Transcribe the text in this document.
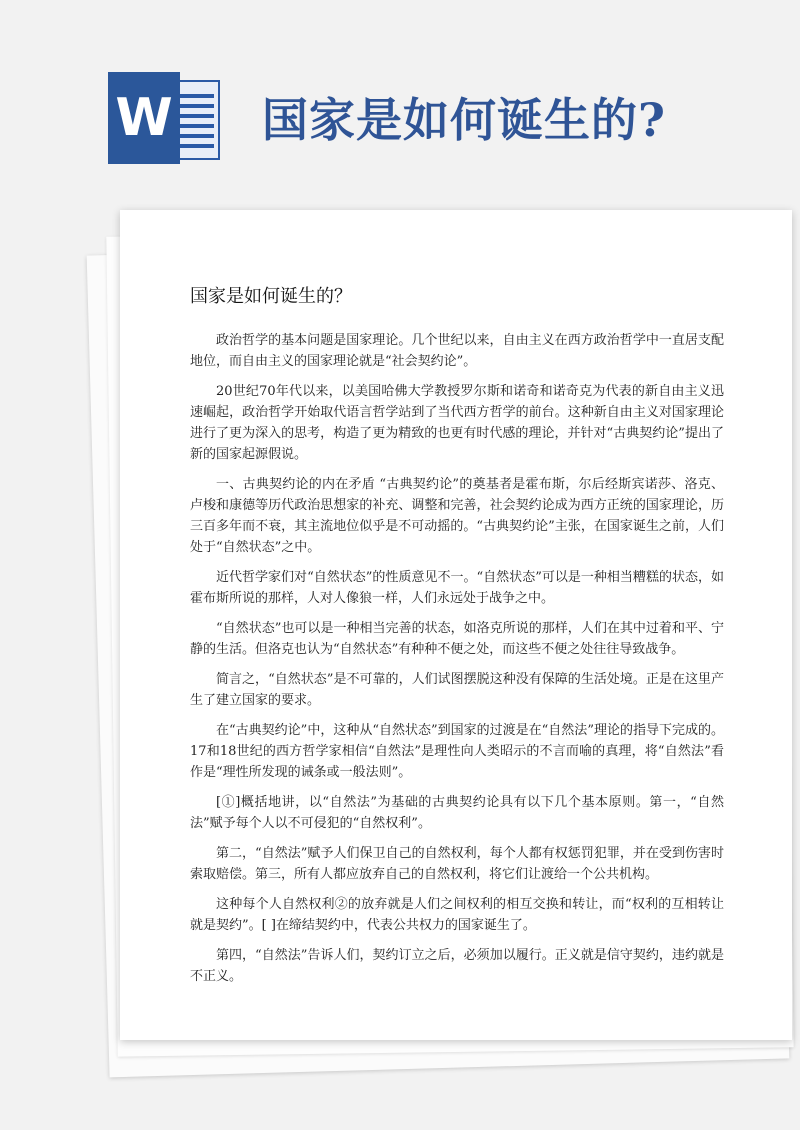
W 国家是如何诞生的?
国家是如何诞生的？

政治哲学的基本问题是国家理论。几个世纪以来，自由主义在西方政治哲学中一直居支配地位，而自由主义的国家理论就是“社会契约论”。

20世纪70年代以来，以美国哈佛大学教授罗尔斯和诺奇和诺奇克为代表的新自由主义迅速崛起，政治哲学开始取代语言哲学站到了当代西方哲学的前台。这种新自由主义对国家理论进行了更为深入的思考，构造了更为精致的也更有时代感的理论，并针对“古典契约论”提出了新的国家起源假说。

一、古典契约论的内在矛盾 “古典契约论”的奠基者是霍布斯，尔后经斯宾诺莎、洛克、卢梭和康德等历代政治思想家的补充、调整和完善，社会契约论成为西方正统的国家理论，历三百多年而不衰，其主流地位似乎是不可动摇的。“古典契约论”主张，在国家诞生之前，人们处于“自然状态”之中。

近代哲学家们对“自然状态”的性质意见不一。“自然状态”可以是一种相当糟糕的状态，如霍布斯所说的那样，人对人像狼一样，人们永远处于战争之中。

“自然状态”也可以是一种相当完善的状态，如洛克所说的那样，人们在其中过着和平、宁静的生活。但洛克也认为“自然状态”有种种不便之处，而这些不便之处往往导致战争。

简言之，“自然状态”是不可靠的，人们试图摆脱这种没有保障的生活处境。正是在这里产生了建立国家的要求。

在“古典契约论”中，这种从“自然状态”到国家的过渡是在“自然法”理论的指导下完成的。 17和18世纪的西方哲学家相信“自然法”是理性向人类昭示的不言而喻的真理，将“自然法”看作是“理性所发现的诫条或一般法则”。

[①]概括地讲，以“自然法”为基础的古典契约论具有以下几个基本原则。第一，“自然法”赋予每个人以不可侵犯的“自然权利”。

第二，“自然法”赋予人们保卫自己的自然权利，每个人都有权惩罚犯罪，并在受到伤害时索取赔偿。第三，所有人都应放弃自己的自然权利，将它们让渡给一个公共机构。

这种每个人自然权利②的放弃就是人们之间权利的相互交换和转让，而“权利的互相转让就是契约”。[ ]在缔结契约中，代表公共权力的国家诞生了。

第四，“自然法”告诉人们，契约订立之后，必须加以履行。正义就是信守契约，违约就是不正义。
